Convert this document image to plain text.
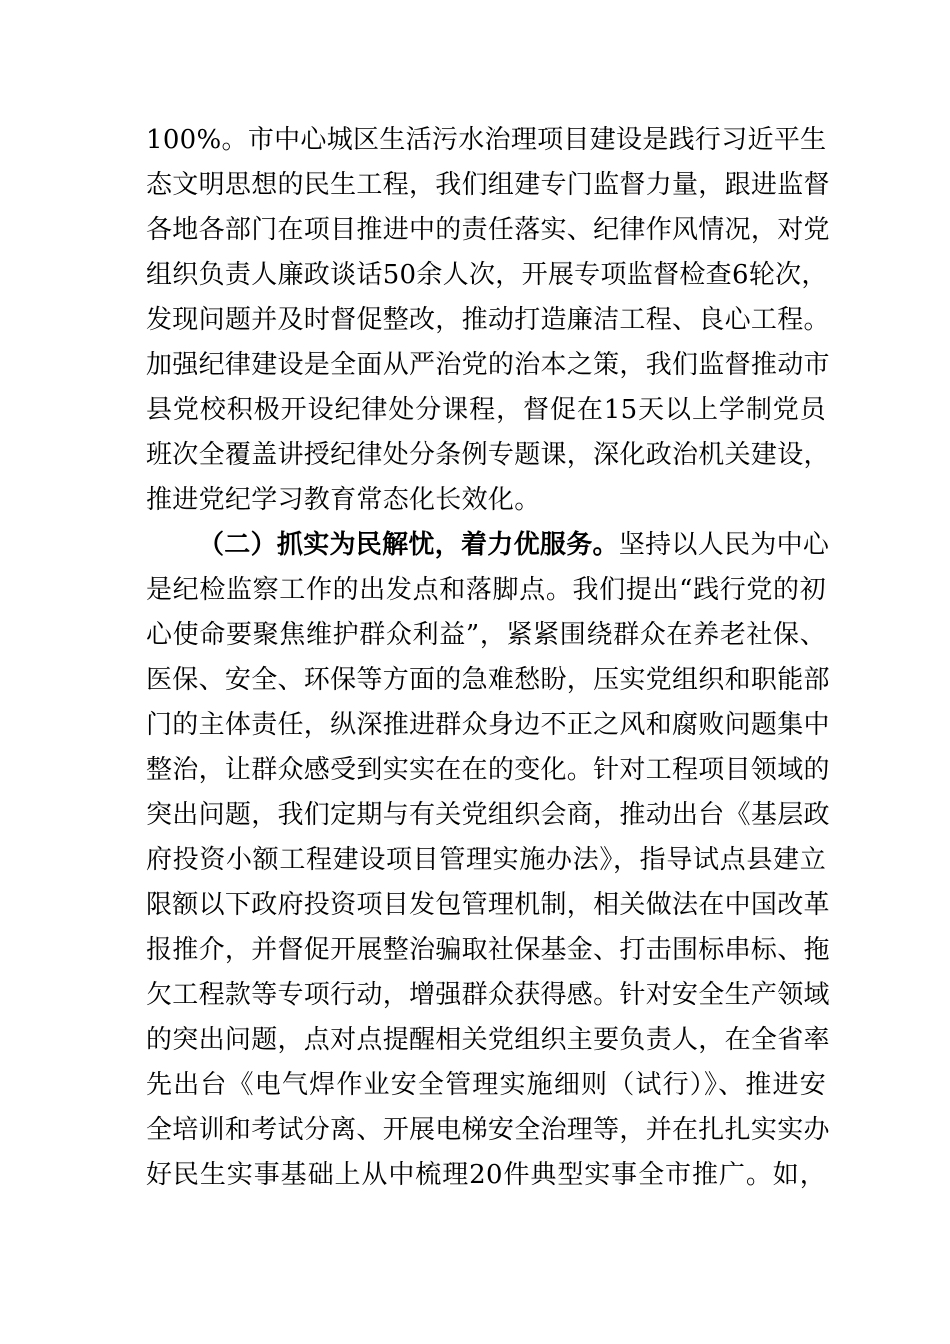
100%。市中心城区生活污水治理项目建设是践行习近平生
态文明思想的民生工程，我们组建专门监督力量，跟进监督
各地各部门在项目推进中的责任落实、纪律作风情况，对党
组织负责人廉政谈话50余人次，开展专项监督检查6轮次，
发现问题并及时督促整改，推动打造廉洁工程、良心工程。
加强纪律建设是全面从严治党的治本之策，我们监督推动市
县党校积极开设纪律处分课程，督促在15天以上学制党员
班次全覆盖讲授纪律处分条例专题课，深化政治机关建设，
推进党纪学习教育常态化长效化。
（二）抓实为民解忧，着力优服务。坚持以人民为中心
是纪检监察工作的出发点和落脚点。我们提出“践行党的初
心使命要聚焦维护群众利益”，紧紧围绕群众在养老社保、
医保、安全、环保等方面的急难愁盼，压实党组织和职能部
门的主体责任，纵深推进群众身边不正之风和腐败问题集中
整治，让群众感受到实实在在的变化。针对工程项目领域的
突出问题，我们定期与有关党组织会商，推动出台《基层政
府投资小额工程建设项目管理实施办法》，指导试点县建立
限额以下政府投资项目发包管理机制，相关做法在中国改革
报推介，并督促开展整治骗取社保基金、打击围标串标、拖
欠工程款等专项行动，增强群众获得感。针对安全生产领域
的突出问题，点对点提醒相关党组织主要负责人，在全省率
先出台《电气焊作业安全管理实施细则（试行）》、推进安
全培训和考试分离、开展电梯安全治理等，并在扎扎实实办
好民生实事基础上从中梳理20件典型实事全市推广。如，
